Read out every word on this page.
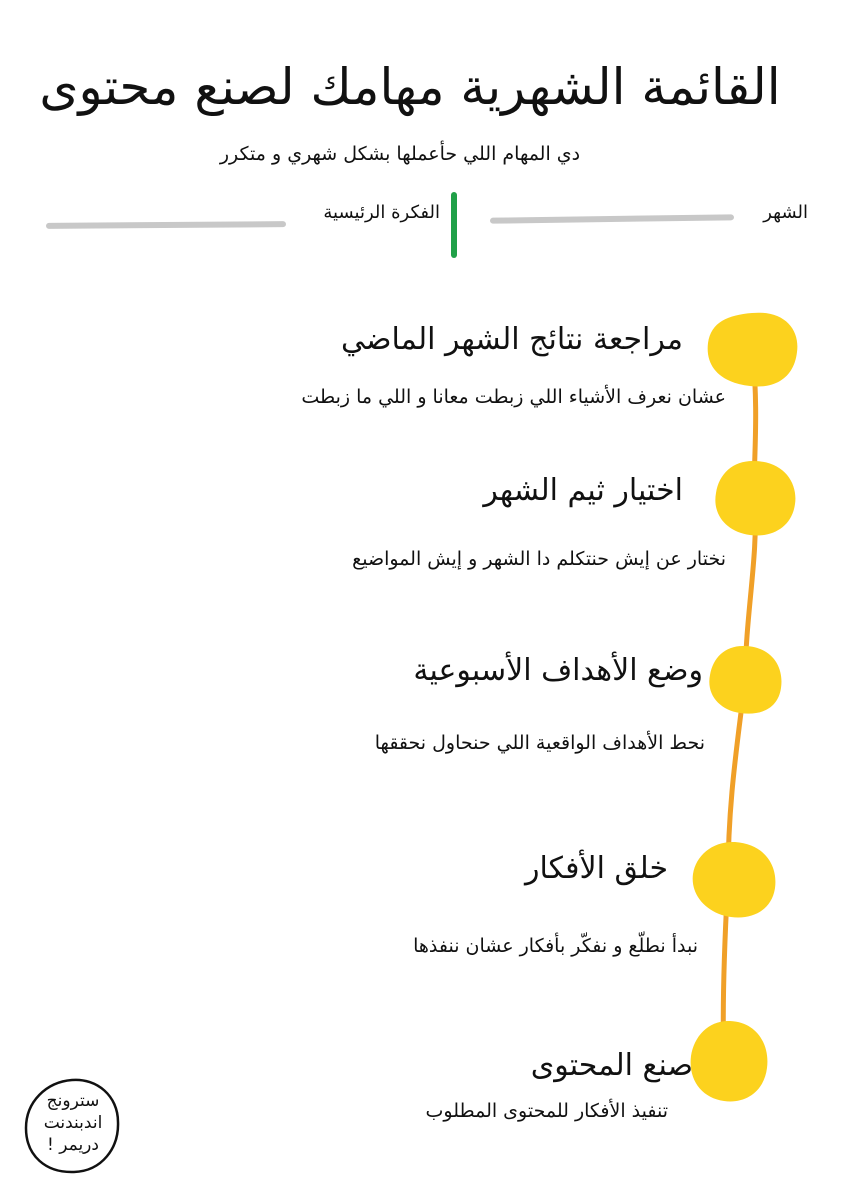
القائمة الشهرية مهامك لصنع محتوى
دي المهام اللي حأعملها بشكل شهري و متكرر
الشهر
الفكرة الرئيسية
مراجعة نتائج الشهر الماضي
عشان نعرف الأشياء اللي زبطت معانا و اللي ما زبطت
اختيار ثيم الشهر
نختار عن إيش حنتكلم دا الشهر و إيش المواضيع
وضع الأهداف الأسبوعية
نحط الأهداف الواقعية اللي حنحاول نحققها
خلق الأفكار
نبدأ نطلّع و نفكّر بأفكار عشان ننفذها
صنع المحتوى
تنفيذ الأفكار للمحتوى المطلوب
سترونج
اندبندنت
دريمر !
